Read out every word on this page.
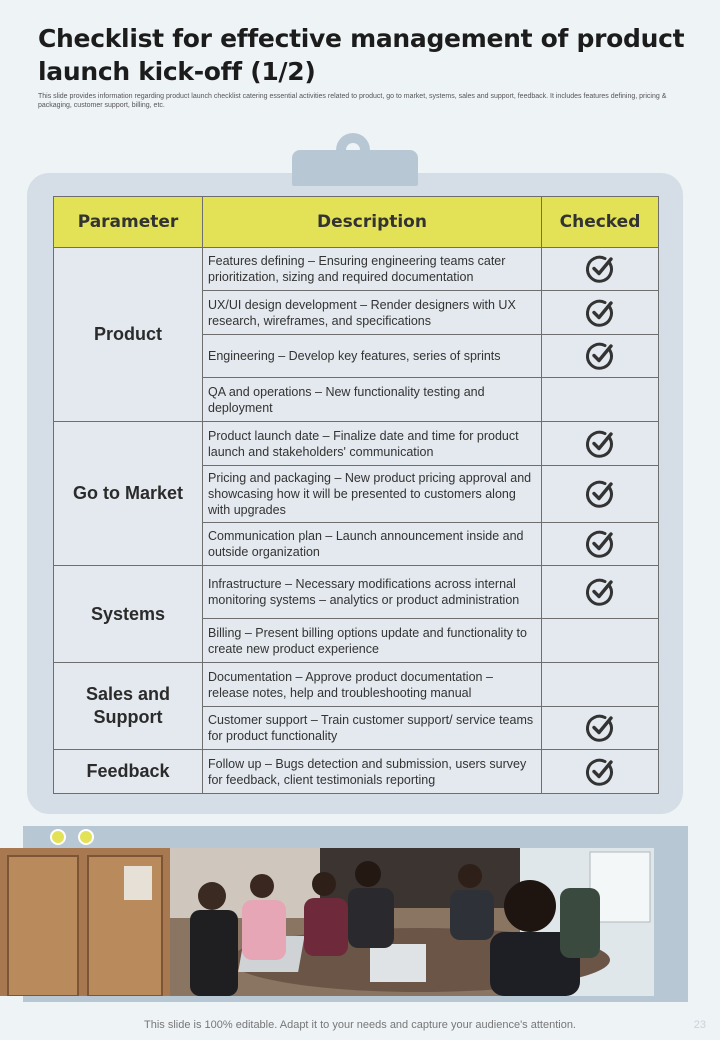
Checklist for effective management of product launch kick-off (1/2)
This slide provides information regarding product launch checklist catering essential activities related to product, go to market, systems, sales and support, feedback. It includes features defining, pricing & packaging, customer support, billing, etc.
Parameter	Description	Checked
Product	Features defining – Ensuring engineering teams cater prioritization, sizing and required documentation	

	UX/UI design development – Render designers with UX research, wireframes, and specifications	

	Engineering – Develop key features, series of sprints	

	QA and operations – New functionality testing and deployment	
Go to Market	Product launch date – Finalize date and time for product launch and stakeholders' communication	

	Pricing and packaging – New product pricing approval and showcasing how it will be presented to customers along with upgrades	

	Communication plan – Launch announcement inside and outside organization	

Systems	Infrastructure – Necessary modifications across internal monitoring systems – analytics or product administration	

	Billing – Present billing options update and functionality to create new product experience	
Sales and Support	Documentation – Approve product documentation – release notes, help and troubleshooting manual	
	Customer support – Train customer support/ service teams for product functionality	

Feedback	Follow up – Bugs detection and submission, users survey for feedback, client testimonials reporting	
This slide is 100% editable. Adapt it to your needs and capture your audience's attention.	23
